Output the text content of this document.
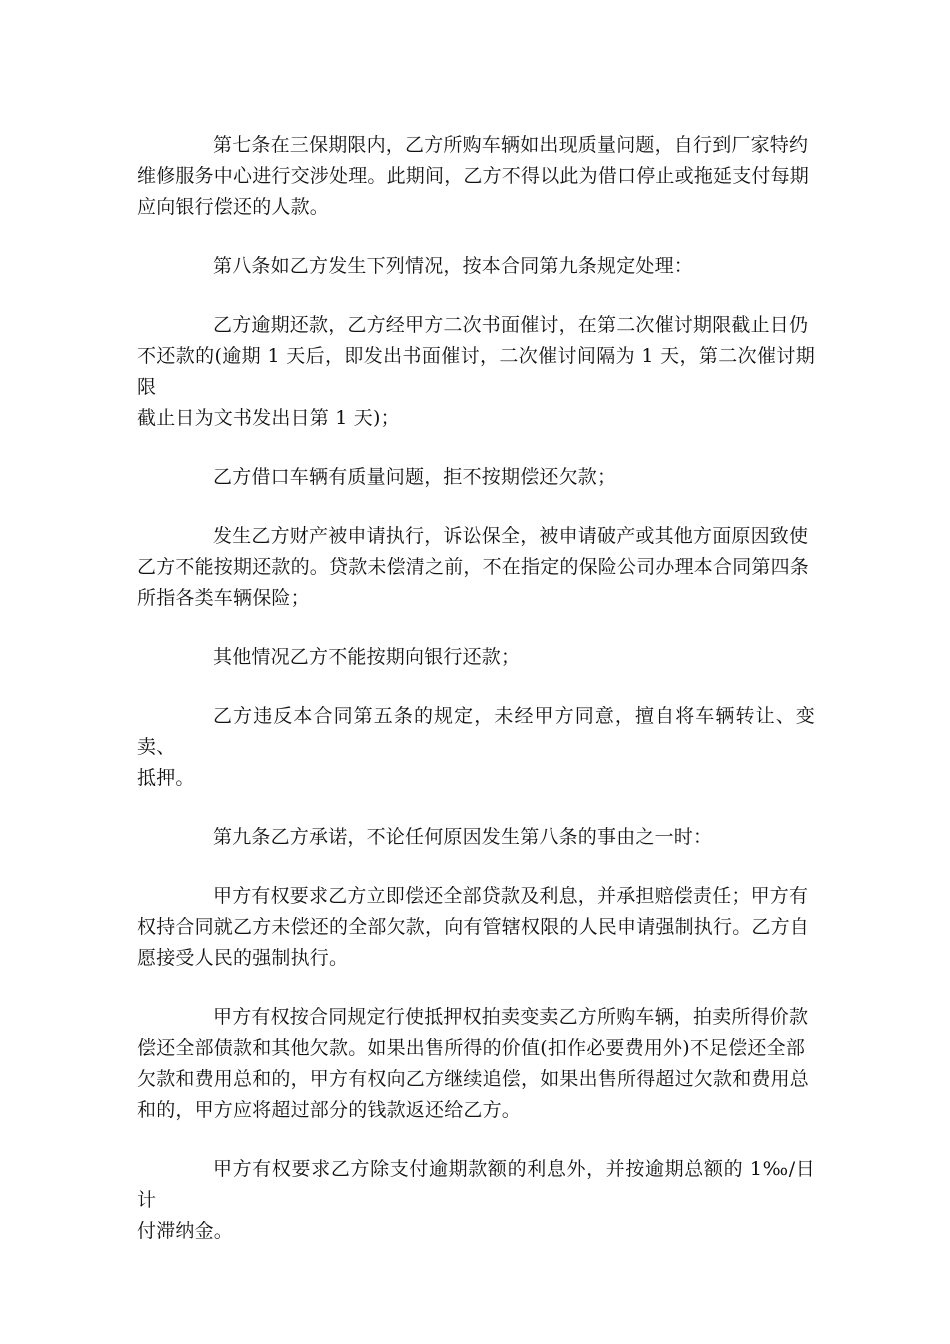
第七条在三保期限内，乙方所购车辆如出现质量问题，自行到厂家特约
维修服务中心进行交涉处理。此期间，乙方不得以此为借口停止或拖延支付每期
应向银行偿还的人款。

第八条如乙方发生下列情况，按本合同第九条规定处理：

乙方逾期还款，乙方经甲方二次书面催讨，在第二次催讨期限截止日仍
不还款的(逾期 1 天后，即发出书面催讨，二次催讨间隔为 1 天，第二次催讨期限
截止日为文书发出日第 1 天)；

乙方借口车辆有质量问题，拒不按期偿还欠款；

发生乙方财产被申请执行，诉讼保全，被申请破产或其他方面原因致使
乙方不能按期还款的。贷款未偿清之前，不在指定的保险公司办理本合同第四条
所指各类车辆保险；

其他情况乙方不能按期向银行还款；

乙方违反本合同第五条的规定，未经甲方同意，擅自将车辆转让、变卖、
抵押。

第九条乙方承诺，不论任何原因发生第八条的事由之一时：

甲方有权要求乙方立即偿还全部贷款及利息，并承担赔偿责任；甲方有
权持合同就乙方未偿还的全部欠款，向有管辖权限的人民申请强制执行。乙方自
愿接受人民的强制执行。

甲方有权按合同规定行使抵押权拍卖变卖乙方所购车辆，拍卖所得价款
偿还全部债款和其他欠款。如果出售所得的价值(扣作必要费用外)不足偿还全部
欠款和费用总和的，甲方有权向乙方继续追偿，如果出售所得超过欠款和费用总
和的，甲方应将超过部分的钱款返还给乙方。

甲方有权要求乙方除支付逾期款额的利息外，并按逾期总额的 1‰/日计
付滞纳金。
